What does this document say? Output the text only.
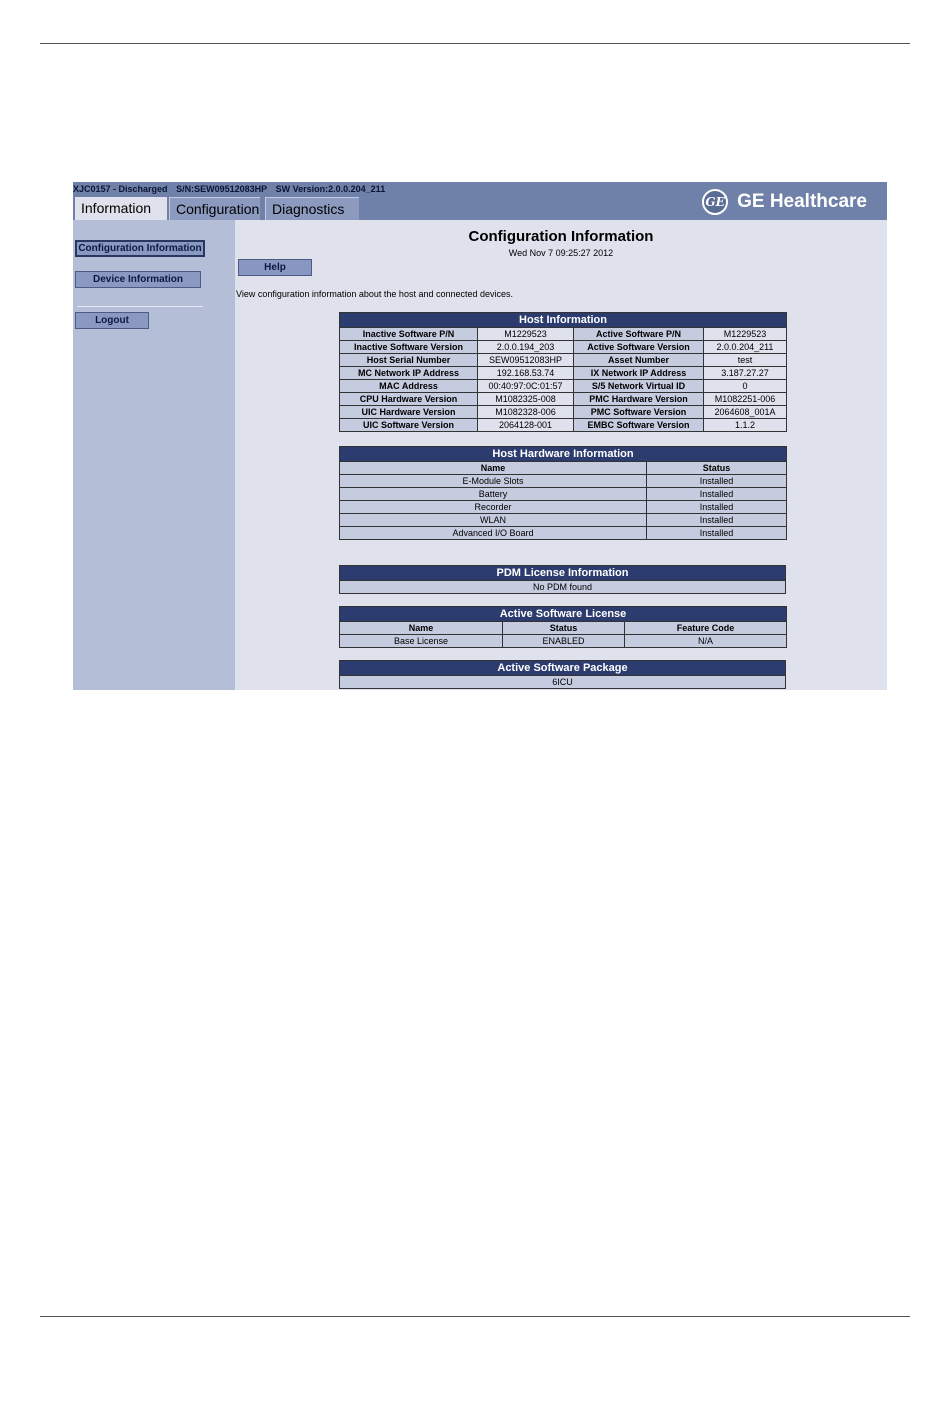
XJC0157 - Discharged S/N:SEW09512083HP SW Version:2.0.0.204_211
Information	Configuration Diagnostics	GE GE Healthcare
Configuration Information
Device Information
Logout
Configuration Information
Wed Nov 7 09:25:27 2012
Help
View configuration information about the host and connected devices.
Host Information			
Inactive Software P/N	M1229523	Active Software P/N	M1229523
Inactive Software Version	2.0.0.194_203	Active Software Version	2.0.0.204_211
Host Serial Number	SEW09512083HP	Asset Number	test
MC Network IP Address	192.168.53.74	IX Network IP Address	3.187.27.27
MAC Address	00:40:97:0C:01:57	S/5 Network Virtual ID	0
CPU Hardware Version	M1082325-008	PMC Hardware Version	M1082251-006
UIC Hardware Version	M1082328-006	PMC Software Version	2064608_001A
UIC Software Version	2064128-001	EMBC Software Version	1.1.2
Host Hardware Information	
Name	Status
E-Module Slots	Installed
Battery	Installed
Recorder	Installed
WLAN	Installed
Advanced I/O Board	Installed
PDM License Information
No PDM found
Active Software License		
Name	Status	Feature Code
Base License	ENABLED	N/A
Active Software Package
6ICU
